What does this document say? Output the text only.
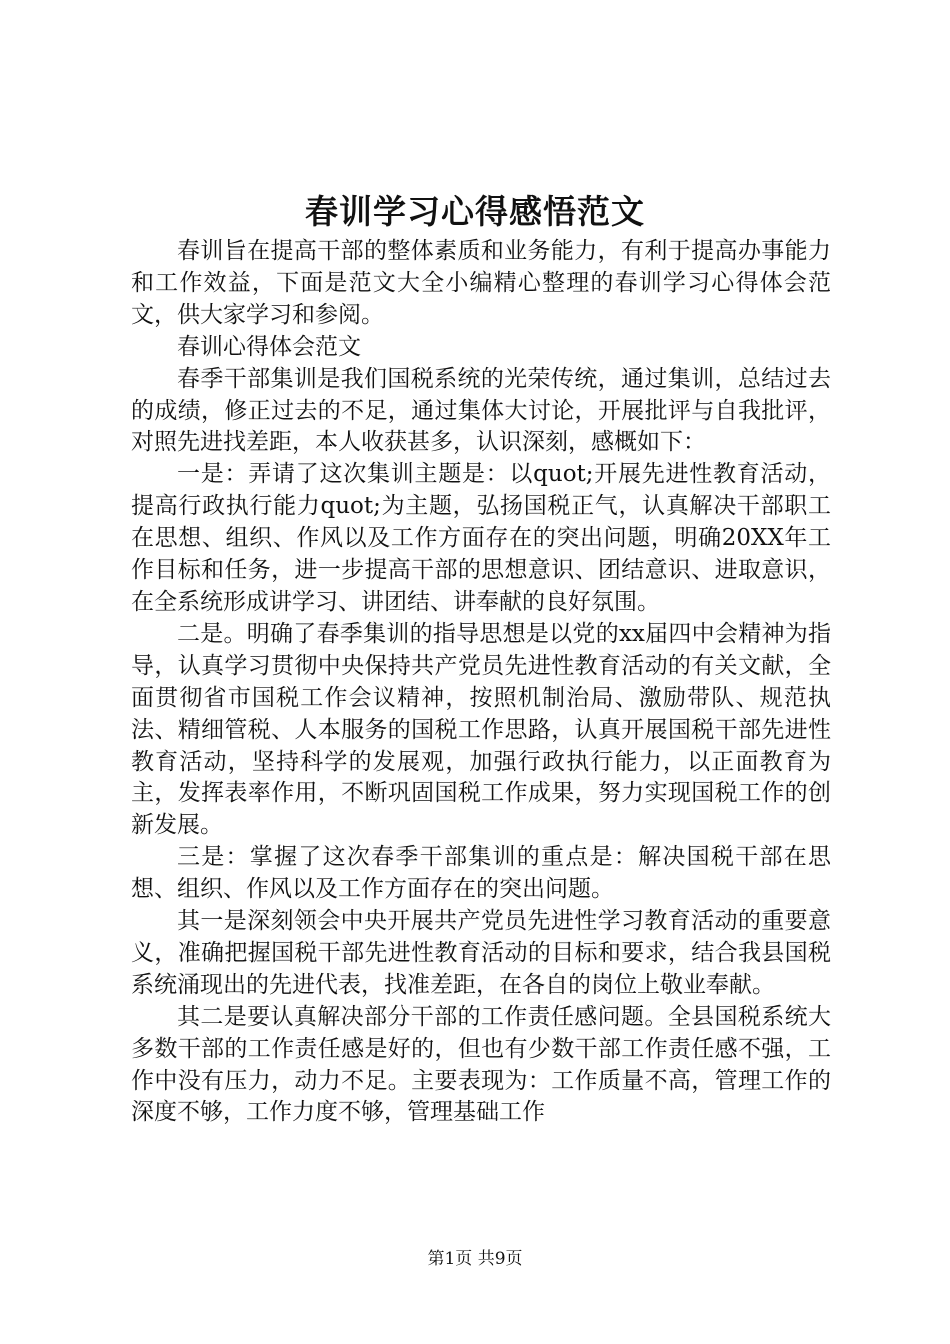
春训学习心得感悟范文

春训旨在提高干部的整体素质和业务能力，有利于提高办事能力和工作效益，下面是范文大全小编精心整理的春训学习心得体会范文，供大家学习和参阅。

春训心得体会范文

春季干部集训是我们国税系统的光荣传统，通过集训，总结过去的成绩，修正过去的不足，通过集体大讨论，开展批评与自我批评，对照先进找差距，本人收获甚多，认识深刻，感概如下：

一是：弄请了这次集训主题是：以quot;开展先进性教育活动，提高行政执行能力quot;为主题，弘扬国税正气，认真解决干部职工在思想、组织、作风以及工作方面存在的突出问题，明确20XX年工作目标和任务，进一步提高干部的思想意识、团结意识、进取意识，在全系统形成讲学习、讲团结、讲奉献的良好氛围。

二是。明确了春季集训的指导思想是以党的xx届四中会精神为指导，认真学习贯彻中央保持共产党员先进性教育活动的有关文献，全面贯彻省市国税工作会议精神，按照机制治局、激励带队、规范执法、精细管税、人本服务的国税工作思路，认真开展国税干部先进性教育活动，坚持科学的发展观，加强行政执行能力，以正面教育为主，发挥表率作用，不断巩固国税工作成果，努力实现国税工作的创新发展。

三是：掌握了这次春季干部集训的重点是：解决国税干部在思想、组织、作风以及工作方面存在的突出问题。

其一是深刻领会中央开展共产党员先进性学习教育活动的重要意义，准确把握国税干部先进性教育活动的目标和要求，结合我县国税系统涌现出的先进代表，找准差距，在各自的岗位上敬业奉献。

其二是要认真解决部分干部的工作责任感问题。全县国税系统大多数干部的工作责任感是好的，但也有少数干部工作责任感不强，工作中没有压力，动力不足。主要表现为：工作质量不高，管理工作的深度不够，工作力度不够，管理基础工作

第1页 共9页
